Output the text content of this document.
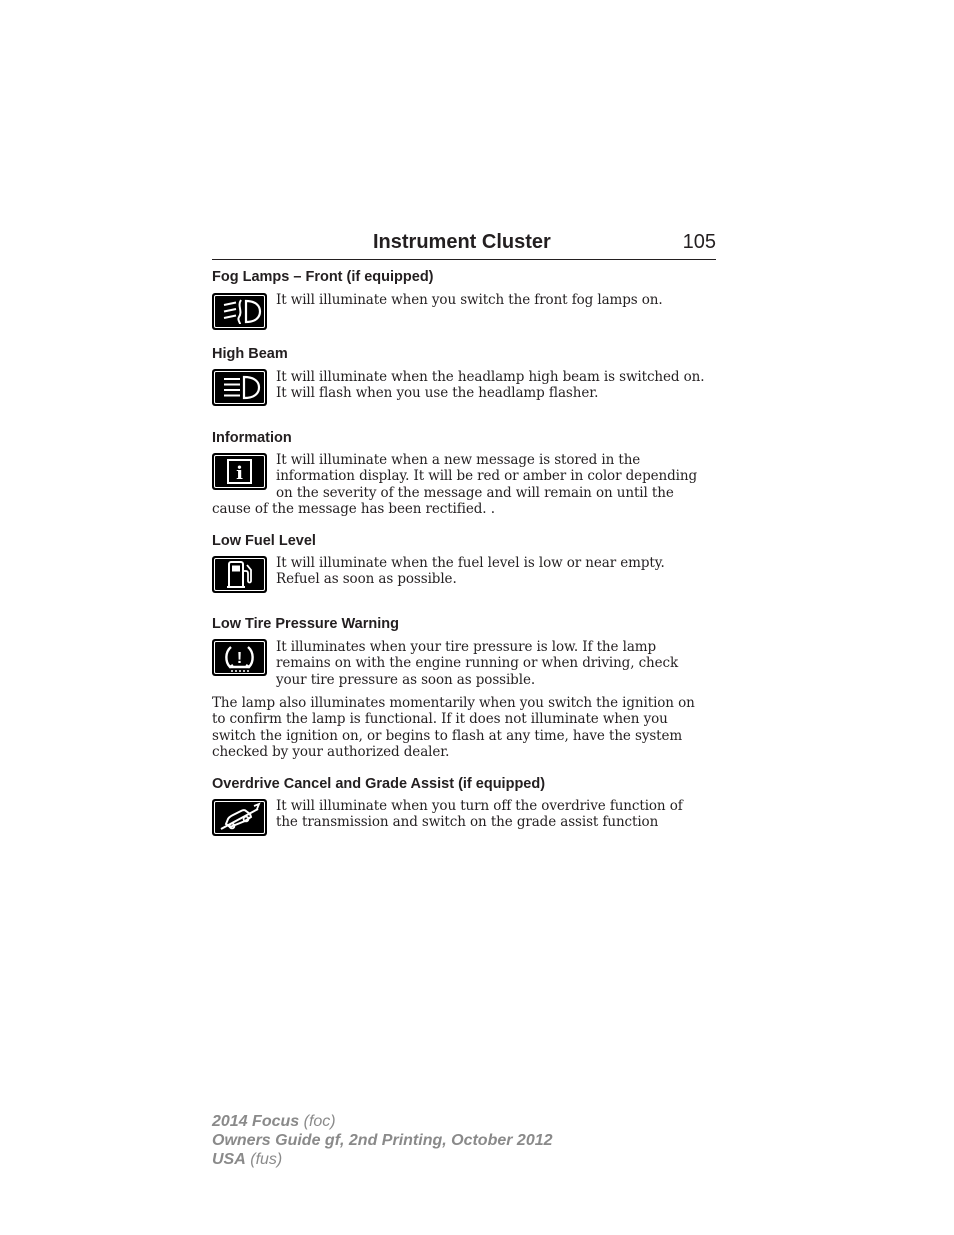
Instrument Cluster	105
Fog Lamps – Front (if equipped)
It will illuminate when you switch the front fog lamps on.
High Beam
It will illuminate when the headlamp high beam is switched on.
It will flash when you use the headlamp flasher.
Information
i
It will illuminate when a new message is stored in the
information display. It will be red or amber in color depending
on the severity of the message and will remain on until the
cause of the message has been rectified. .
Low Fuel Level
It will illuminate when the fuel level is low or near empty.
Refuel as soon as possible.
Low Tire Pressure Warning
!
It illuminates when your tire pressure is low. If the lamp
remains on with the engine running or when driving, check
your tire pressure as soon as possible.
The lamp also illuminates momentarily when you switch the ignition on
to confirm the lamp is functional. If it does not illuminate when you
switch the ignition on, or begins to flash at any time, have the system
checked by your authorized dealer.
Overdrive Cancel and Grade Assist (if equipped)
It will illuminate when you turn off the overdrive function of
the transmission and switch on the grade assist function
2014 Focus (foc)
Owners Guide gf, 2nd Printing, October 2012
USA (fus)
